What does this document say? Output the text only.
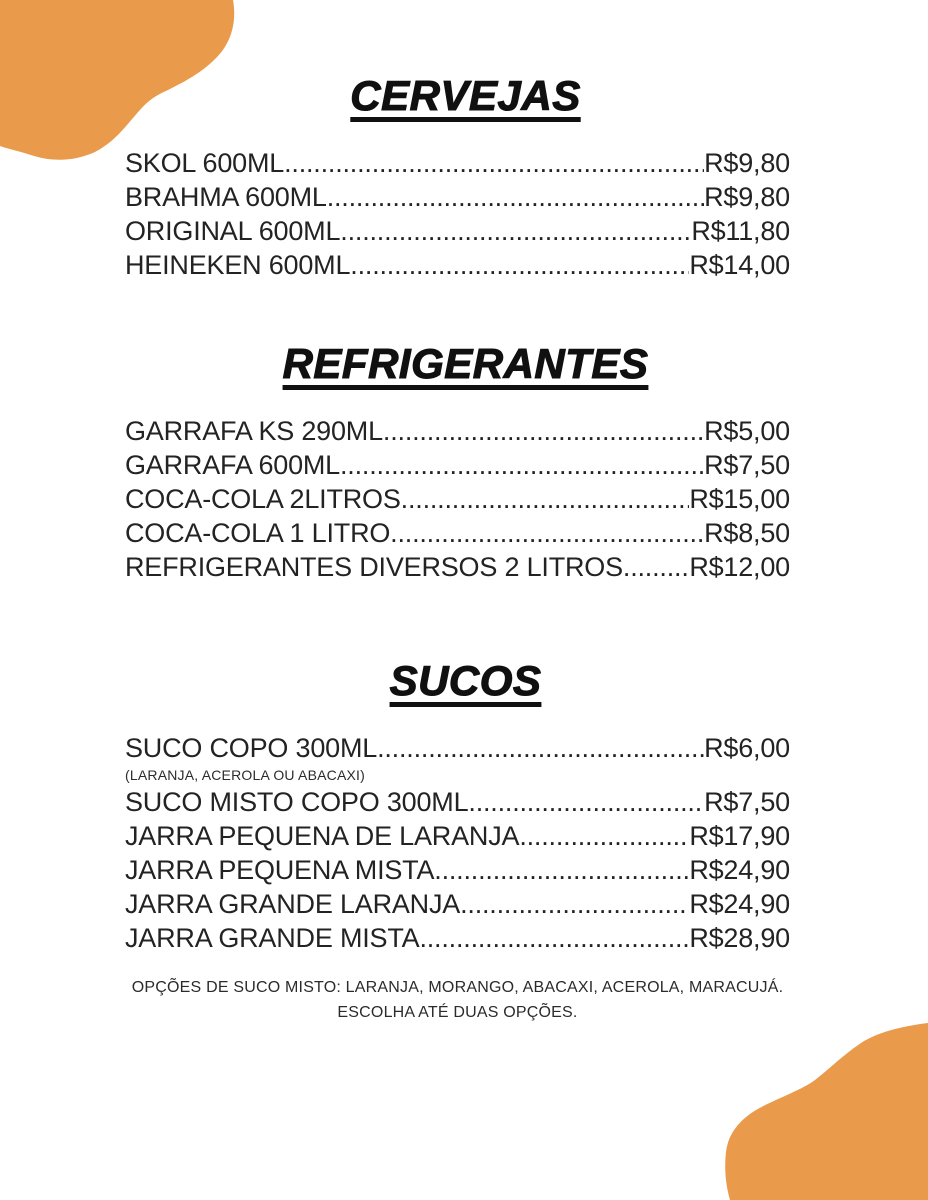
CERVEJAS
SKOL 600ML .....	R$9,80
BRAHMA 600ML .....	R$9,80
ORIGINAL 600ML .....	R$11,80
HEINEKEN 600ML .....	R$14,00
REFRIGERANTES
GARRAFA KS 290ML .....	R$5,00
GARRAFA 600ML .....	R$7,50
COCA-COLA 2LITROS .....	R$15,00
COCA-COLA 1 LITRO .....	R$8,50
REFRIGERANTES DIVERSOS 2 LITROS ..... R$12,00
SUCOS
SUCO COPO 300ML .....	R$6,00
(LARANJA, ACEROLA OU ABACAXI)
SUCO MISTO COPO 300ML .....	R$7,50
JARRA PEQUENA DE LARANJA .....	R$17,90
JARRA PEQUENA MISTA .....	R$24,90
JARRA GRANDE LARANJA .....	R$24,90
JARRA GRANDE MISTA .....	R$28,90
OPÇÕES DE SUCO MISTO: LARANJA, MORANGO, ABACAXI, ACEROLA, MARACUJÁ.
ESCOLHA ATÉ DUAS OPÇÕES.
